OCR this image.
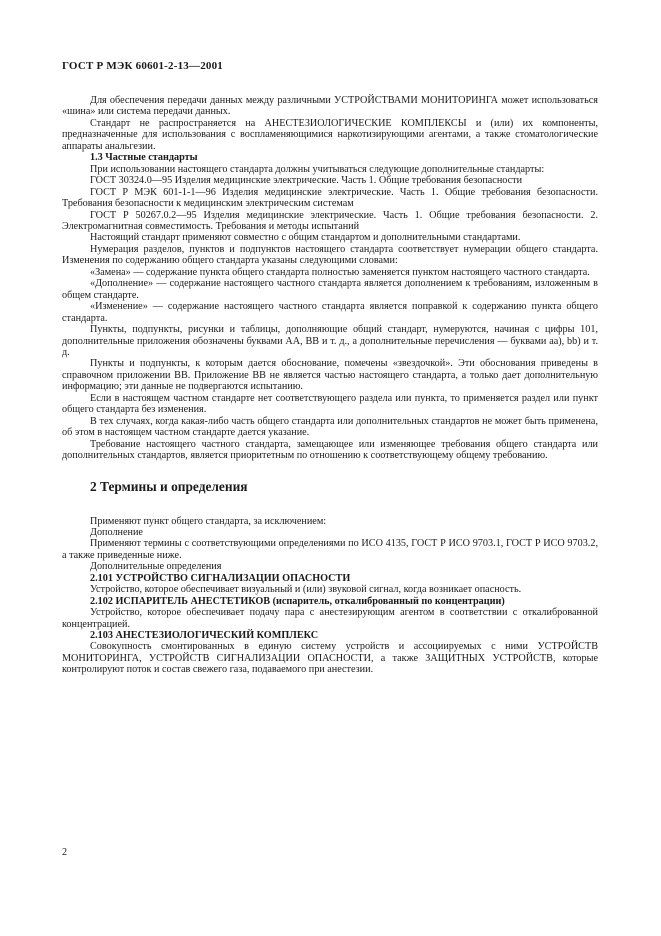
ГОСТ Р МЭК 60601-2-13—2001

Для обеспечения передачи данных между различными УСТРОЙСТВАМИ МОНИТОРИНГА может использоваться «шина» или система передачи данных.

Стандарт не распространяется на АНЕСТЕЗИОЛОГИЧЕСКИЕ КОМПЛЕКСЫ и (или) их компоненты, предназначенные для использования с воспламеняющимися наркотизирующими агентами, а также стоматологические аппараты анальгезии.

1.3 Частные стандарты

При использовании настоящего стандарта должны учитываться следующие дополнительные стандарты:

ГОСТ 30324.0—95 Изделия медицинские электрические. Часть 1. Общие требования безопасности

ГОСТ Р МЭК 601-1-1—96 Изделия медицинские электрические. Часть 1. Общие требования безопасности. Требования безопасности к медицинским электрическим системам

ГОСТ Р 50267.0.2—95 Изделия медицинские электрические. Часть 1. Общие требования безопасности. 2. Электромагнитная совместимость. Требования и методы испытаний

Настоящий стандарт применяют совместно с общим стандартом и дополнительными стандартами.

Нумерация разделов, пунктов и подпунктов настоящего стандарта соответствует нумерации общего стандарта. Изменения по содержанию общего стандарта указаны следующими словами:

«Замена» — содержание пункта общего стандарта полностью заменяется пунктом настоящего частного стандарта.

«Дополнение» — содержание настоящего частного стандарта является дополнением к требованиям, изложенным в общем стандарте.

«Изменение» — содержание настоящего частного стандарта является поправкой к содержанию пункта общего стандарта.

Пункты, подпункты, рисунки и таблицы, дополняющие общий стандарт, нумеруются, начиная с цифры 101, дополнительные приложения обозначены буквами АА, ВВ и т. д., а дополнительные перечисления — буквами аа), bb) и т. д.

Пункты и подпункты, к которым дается обоснование, помечены «звездочкой». Эти обоснования приведены в справочном приложении ВВ. Приложение ВВ не является частью настоящего стандарта, а только дает дополнительную информацию; эти данные не подвергаются испытанию.

Если в настоящем частном стандарте нет соответствующего раздела или пункта, то применяется раздел или пункт общего стандарта без изменения.

В тех случаях, когда какая-либо часть общего стандарта или дополнительных стандартов не может быть применена, об этом в настоящем частном стандарте дается указание.

Требование настоящего частного стандарта, замещающее или изменяющее требования общего стандарта или дополнительных стандартов, является приоритетным по отношению к соответствующему общему требованию.

2 Термины и определения

Применяют пункт общего стандарта, за исключением:

Дополнение

Применяют термины с соответствующими определениями по ИСО 4135, ГОСТ Р ИСО 9703.1, ГОСТ Р ИСО 9703.2, а также приведенные ниже.

Дополнительные определения

2.101 УСТРОЙСТВО СИГНАЛИЗАЦИИ ОПАСНОСТИ

Устройство, которое обеспечивает визуальный и (или) звуковой сигнал, когда возникает опасность.

2.102 ИСПАРИТЕЛЬ АНЕСТЕТИКОВ (испаритель, откалиброванный по концентрации)

Устройство, которое обеспечивает подачу пара с анестезирующим агентом в соответствии с откалиброванной концентрацией.

2.103 АНЕСТЕЗИОЛОГИЧЕСКИЙ КОМПЛЕКС

Совокупность смонтированных в единую систему устройств и ассоциируемых с ними УСТРОЙСТВ МОНИТОРИНГА, УСТРОЙСТВ СИГНАЛИЗАЦИИ ОПАСНОСТИ, а также ЗАЩИТНЫХ УСТРОЙСТВ, которые контролируют поток и состав свежего газа, подаваемого при анестезии.

2
